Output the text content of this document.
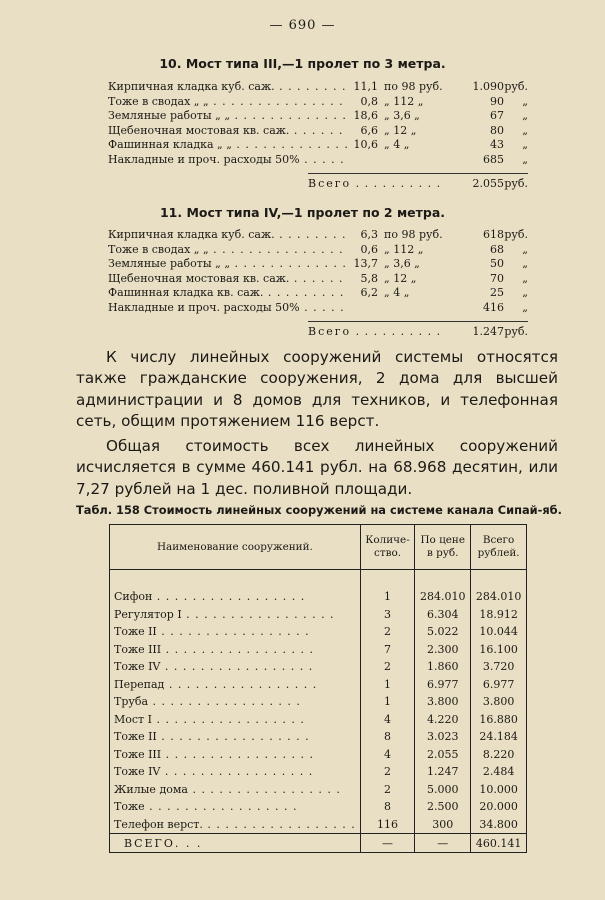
— 690 —
10. Мост типа III,—1 пролет по 3 метра.
Кирпичная кладка куб. саж. . . .	11,1 по 98 руб.	1.090 руб.
Тоже в сводах „ „ . . .	0,8 „ 112 „	90	„
Земляные работы „ „ . . .	18,6 „ 3,6 „	67	„
Щебеночная мостовая кв. саж. . . .	6,6 „ 12 „	80	„
Фашинная кладка „ „ . . .	10,6 „ 4 „	43	„
Накладные и проч. расходы 50% . . .	685	„
Всего . . .	2.055 руб.
11. Мост типа IV,—1 пролет по 2 метра.
Кирпичная кладка куб. саж. . . .	6,3 по 98 руб.	618 руб.
Тоже в сводах „ „ . . .	0,6 „ 112 „	68	„
Земляные работы „ „ . . .	13,7 „ 3,6 „	50	„
Щебеночная мостовая кв. саж. . . .	5,8 „ 12 „	70	„
Фашинная кладка кв. саж. . . .	6,2 „ 4 „	25	„
Накладные и проч. расходы 50% . . .	416	„
Всего . . .	1.247 руб.

К числу линейных сооружений системы относятся также гражданские сооружения, 2 дома для высшей администрации и 8 домов для техников, и телефонная сеть, общим протяжением 116 верст.

Общая стоимость всех линейных сооружений исчисляется в сумме 460.141 рубл. на 68.968 десятин, или 7,27 рублей на 1 дес. поливной площади.

Табл. 158 Стоимость линейных сооружений на системе канала Сипай-яб.
Наименование сооружений.	Количе-ство.	По цене в руб.	Всего рублей.

Сифон . . .	1	284.010	284.010
Регулятор I . . .	3	6.304	18.912
Тоже II . . .	2	5.022	10.044
Тоже III . . .	7	2.300	16.100
Тоже IV . . .	2	1.860	3.720
Перепад . . .	1	6.977	6.977
Труба . . .	1	3.800	3.800
Мост I . . .	4	4.220	16.880
Тоже II . . .	8	3.023	24.184
Тоже III . . .	4	2.055	8.220
Тоже IV . . .	2	1.247	2.484
Жилые дома . . .	2	5.000	10.000
Тоже . . .	8	2.500	20.000
Телефон верст. . . .	116	300	34.800
ВСЕГО. . .	—	—	460.141
